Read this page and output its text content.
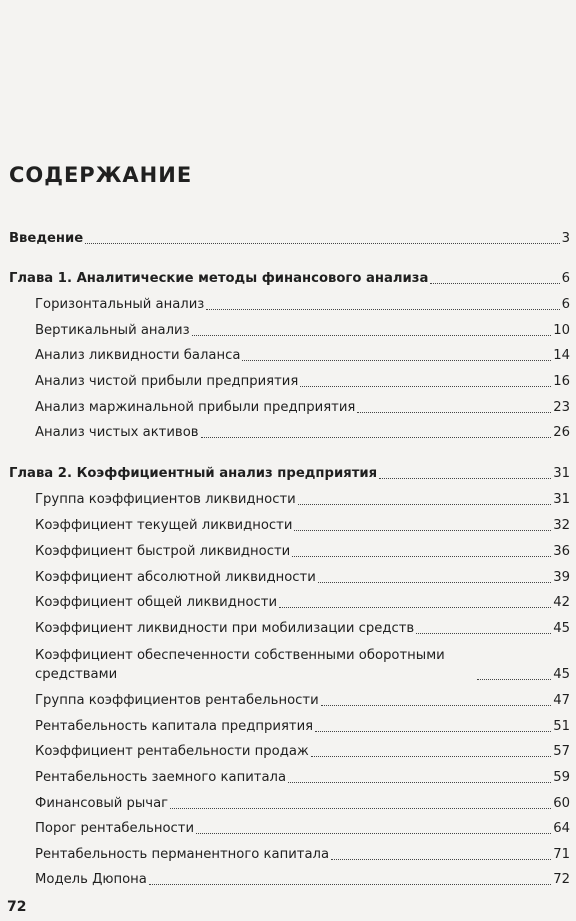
СОДЕРЖАНИЕ
Введение	3
Глава 1. Аналитические методы финансового анализа	6
Горизонтальный анализ	6
Вертикальный анализ	10
Анализ ликвидности баланса	14
Анализ чистой прибыли предприятия	16
Анализ маржинальной прибыли предприятия	23
Анализ чистых активов	26
Глава 2. Коэффициентный анализ предприятия	31
Группа коэффициентов ликвидности	31
Коэффициент текущей ликвидности	32
Коэффициент быстрой ликвидности	36
Коэффициент абсолютной ликвидности	39
Коэффициент общей ликвидности	42
Коэффициент ликвидности при мобилизации средств	45
Коэффициент обеспеченности собственными оборотными средствами	45
Группа коэффициентов рентабельности	47
Рентабельность капитала предприятия	51
Коэффициент рентабельности продаж	57
Рентабельность заемного капитала	59
Финансовый рычаг	60
Порог рентабельности	64
Рентабельность перманентного капитала	71
Модель Дюпона	72
72
